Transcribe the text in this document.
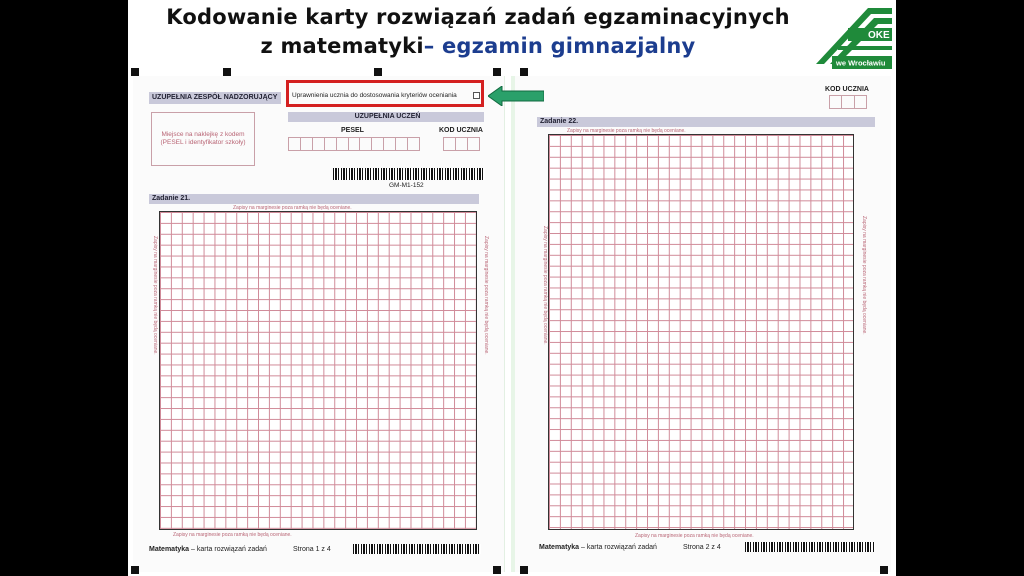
Kodowanie karty rozwiązań zadań egzaminacyjnych
z matematyki– egzamin gimnazjalny	OKE
we Wrocławiu
UZUPEŁNIA ZESPÓŁ NADZORUJĄCY	Uprawnienia ucznia do dostosowania kryteriów oceniania
Miejsce na naklejkę z kodem
(PESEL i identyfikator szkoły)
UZUPEŁNIA UCZEŃ
PESEL	KOD UCZNIA
GM-M1-152
Zadanie 21.
Zapisy na marginesie poza ramką nie będą oceniane.
Zapisy na marginesie poza ramką nie będą oceniane.	Zapisy na marginesie poza ramką nie będą oceniane.
Zapisy na marginesie poza ramką nie będą oceniane.
Matematyka – karta rozwiązań zadań	Strona 1 z 4
KOD UCZNIA
Zadanie 22.
Zapisy na marginesie poza ramką nie będą oceniane.
Zapisy na marginesie poza ramką nie będą oceniane.	Zapisy na marginesie poza ramką nie będą oceniane.
Zapisy na marginesie poza ramką nie będą oceniane.
Matematyka – karta rozwiązań zadań	Strona 2 z 4
